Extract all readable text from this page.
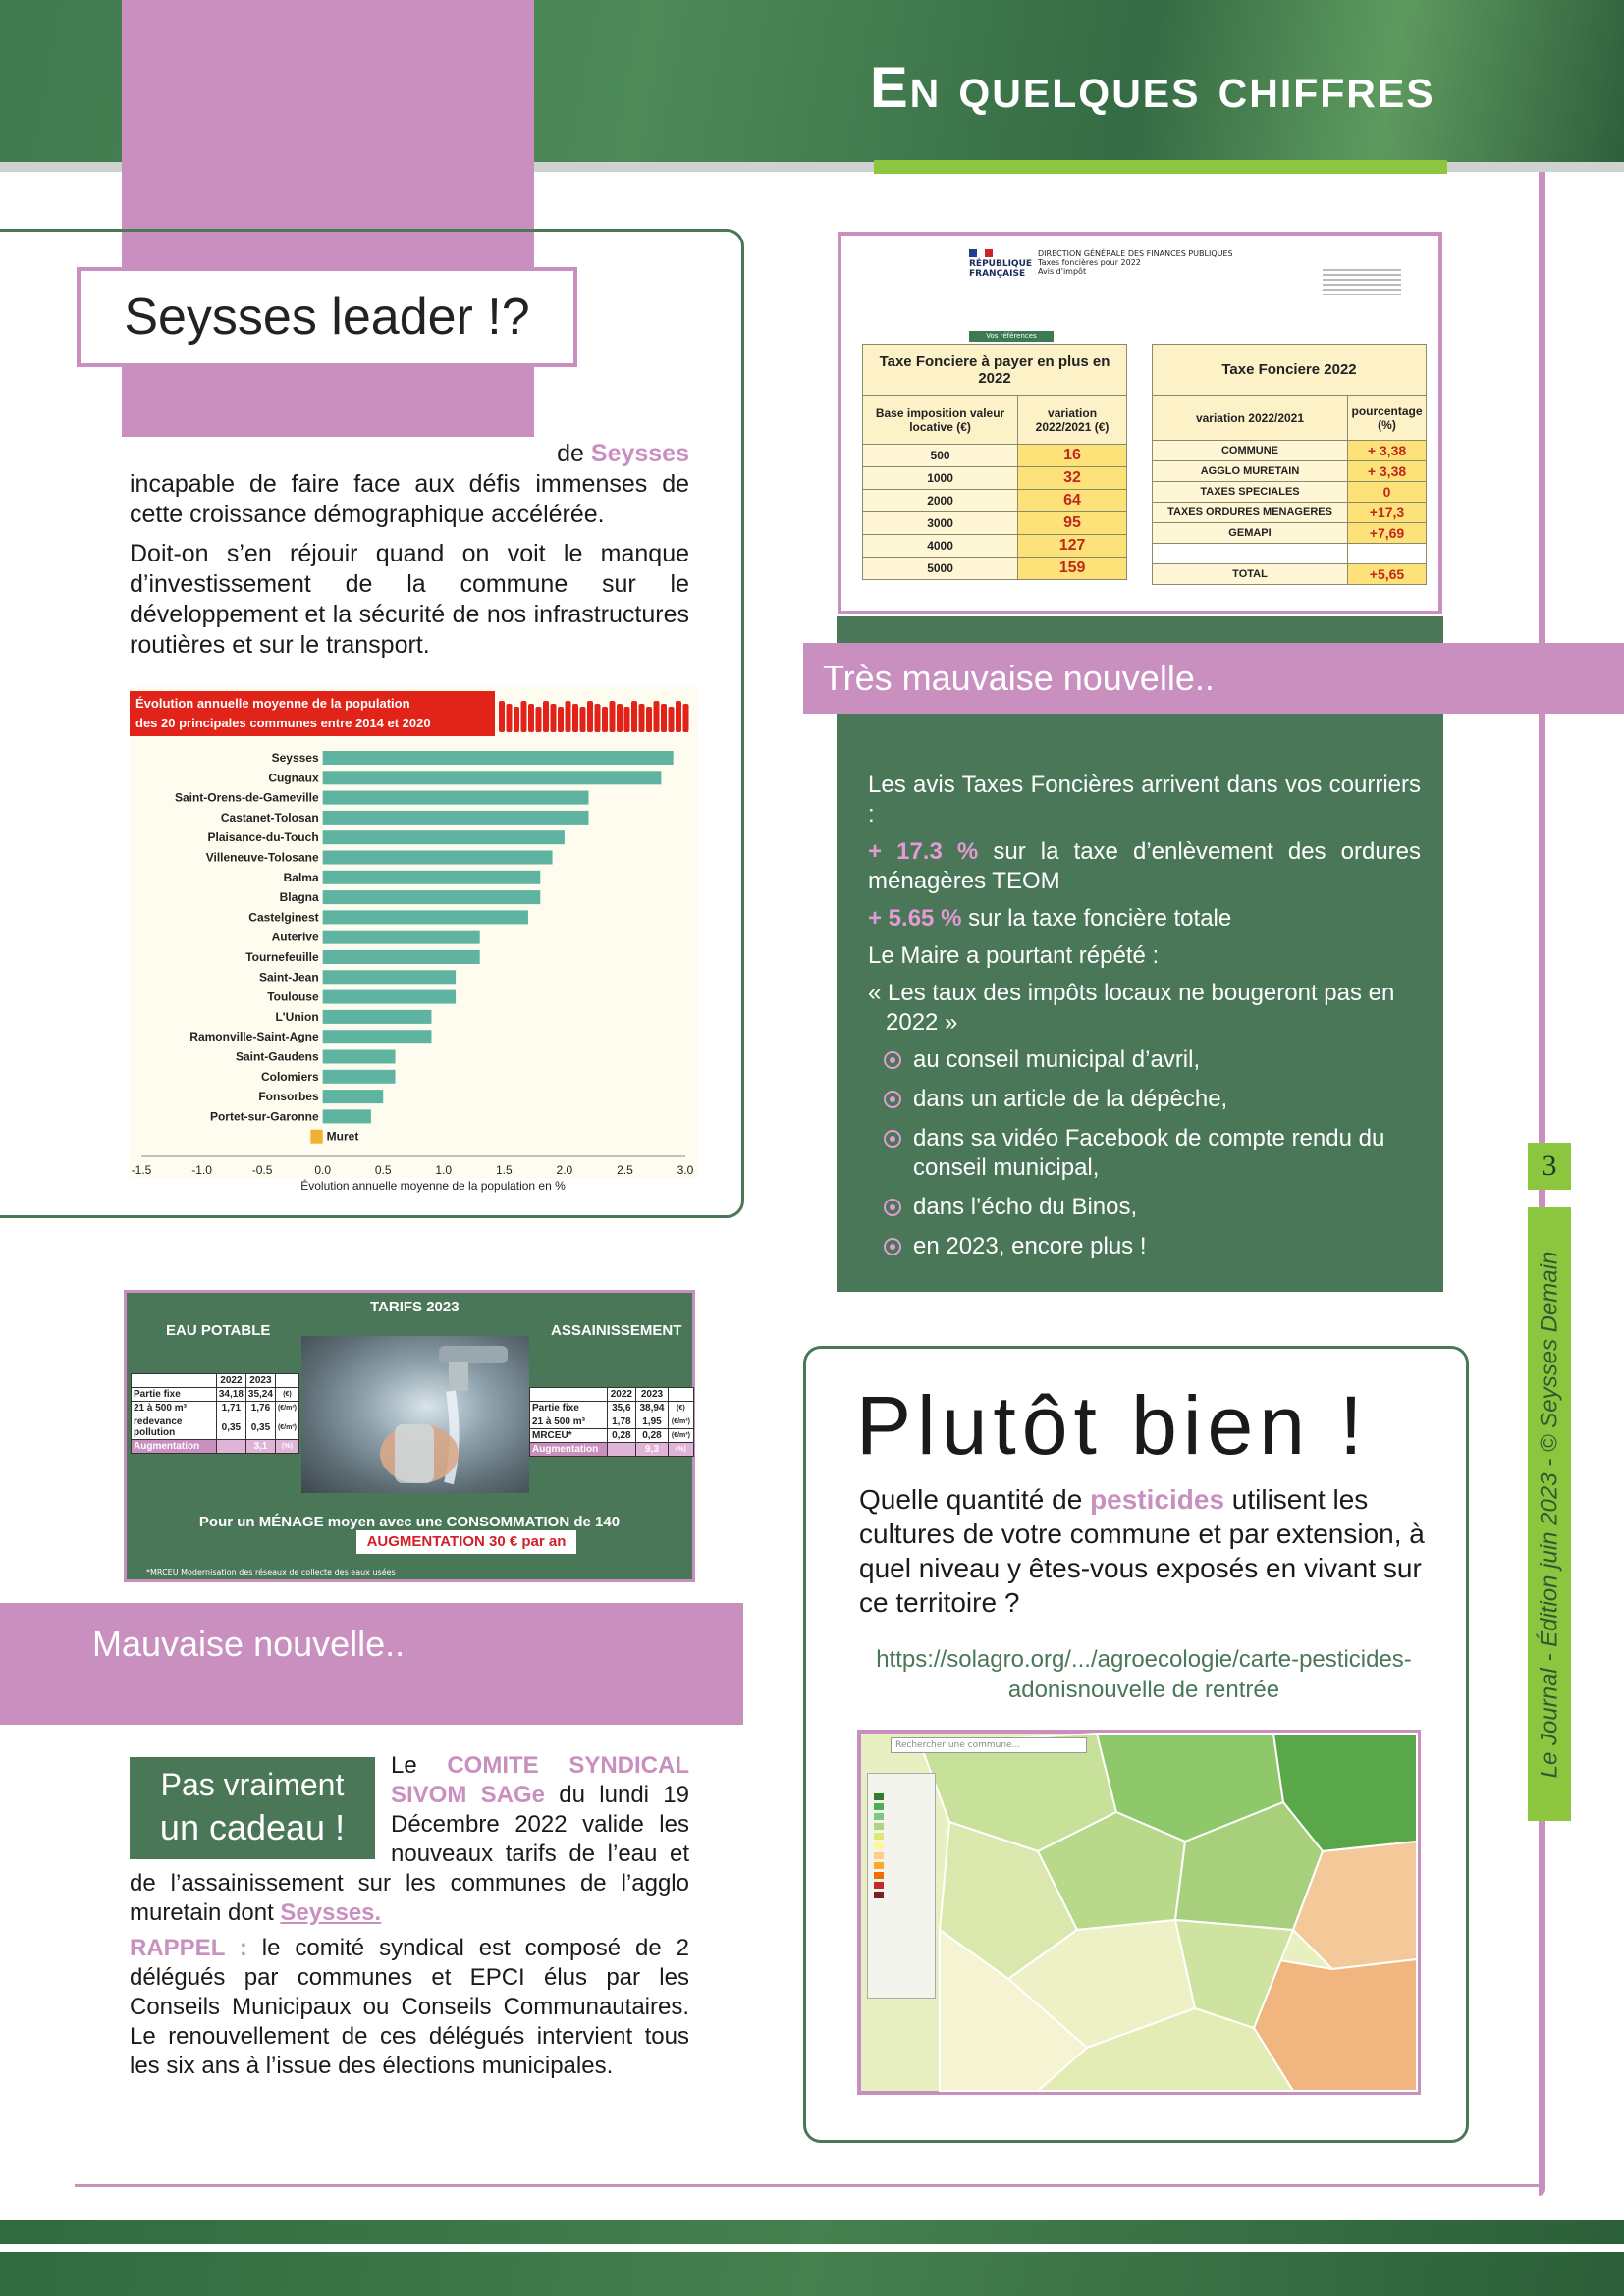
En quelques chiffres
3
Le Journal - Édition juin 2023 - © Seysses Demain
Seysses leader !?

La commune de Seysses

incapable de faire face aux défis immenses de cette croissance démographique accélérée.

Doit-on s’en réjouir quand on voit le manque d’investissement de la commune sur le développement et la sécurité de nos infrastructures routières et sur le transport.

Évolution annuelle moyenne de la population
des 20 principales communes entre 2014 et 2020
Seysses
Cugnaux
Saint-Orens-de-Gameville
Castanet-Tolosan
Plaisance-du-Touch
Villeneuve-Tolosane
Balma
Blagna
Castelginest
Auterive
Tournefeuille
Saint-Jean
Toulouse
L'Union
Ramonville-Saint-Agne
Saint-Gaudens
Colomiers
Fonsorbes
Portet-sur-Garonne
Muret
-1.5	-1.0	-0.5	0.0	0.5	1.0	1.5	2.0	2.5	3.0
Évolution annuelle moyenne de la population en %
RÉPUBLIQUE
FRANÇAISE
DIRECTION GÉNÉRALE DES FINANCES PUBLIQUES
Taxes foncières pour 2022
Avis d'impôt
Vos références
Taxe Fonciere à payer en plus en 2022	
Base imposition valeur locative (€)	variation 2022/2021 (€)
500	16
1000	32
2000	64
3000	95
4000	127
5000	159
Taxe Fonciere 2022	
variation 2022/2021	pourcentage (%)
COMMUNE	+ 3,38
AGGLO MURETAIN	+ 3,38
TAXES SPECIALES	0
TAXES ORDURES MENAGERES	+17,3
GEMAPI	+7,69

TOTAL	+5,65
Très mauvaise nouvelle..

Les avis Taxes Foncières arrivent dans vos courriers :

+ 17.3 % sur la taxe d’enlèvement des ordures ménagères TEOM

+ 5.65 % sur la taxe foncière totale

Le Maire a pourtant répété :

« Les taux des impôts locaux ne bougeront pas en 2022 »

au conseil municipal d’avril,
dans un article de la dépêche,
dans sa vidéo Facebook de compte rendu du conseil municipal,
dans l’écho du Binos,
en 2023, encore plus !
TARIFS 2023
EAU POTABLE	ASSAINISSEMENT
	2022	2023	
Partie fixe	34,18	35,24	(€)
21 à 500 m³	1,71	1,76	(€/m³)
redevance pollution	0,35	0,35	(€/m³)
Augmentation		3,1	(%)
	2022	2023	
Partie fixe	35,6	38,94	(€)
21 à 500 m³	1,78	1,95	(€/m³)
MRCEU*	0,28	0,28	(€/m³)
Augmentation		9,3	(%)
Pour un MÉNAGE moyen avec une CONSOMMATION de 140
AUGMENTATION 30 € par an
*MRCEU Modernisation des réseaux de collecte des eaux usées
Mauvaise nouvelle..

Le COMITE SYNDICAL SIVOM SAGe du lundi 19 Décembre 2022 valide les nouveaux tarifs de l’eau et de l’assainissement sur les communes de l’agglo muretain dont Seysses.

RAPPEL : le comité syndical est composé de 2 délégués par communes et EPCI élus par les Conseils Municipaux ou Conseils Communautaires. Le renouvellement de ces délégués intervient tous les six ans à l’issue des élections municipales.

Pas vraiment
un cadeau !
Plutôt bien !
Quelle quantité de pesticides utilisent les cultures de votre commune et par extension, à quel niveau y êtes-vous exposés en vivant sur ce territoire ?
https://solagro.org/.../agroecologie/carte-pesticides-adonisnouvelle de rentrée
Rechercher une commune...
